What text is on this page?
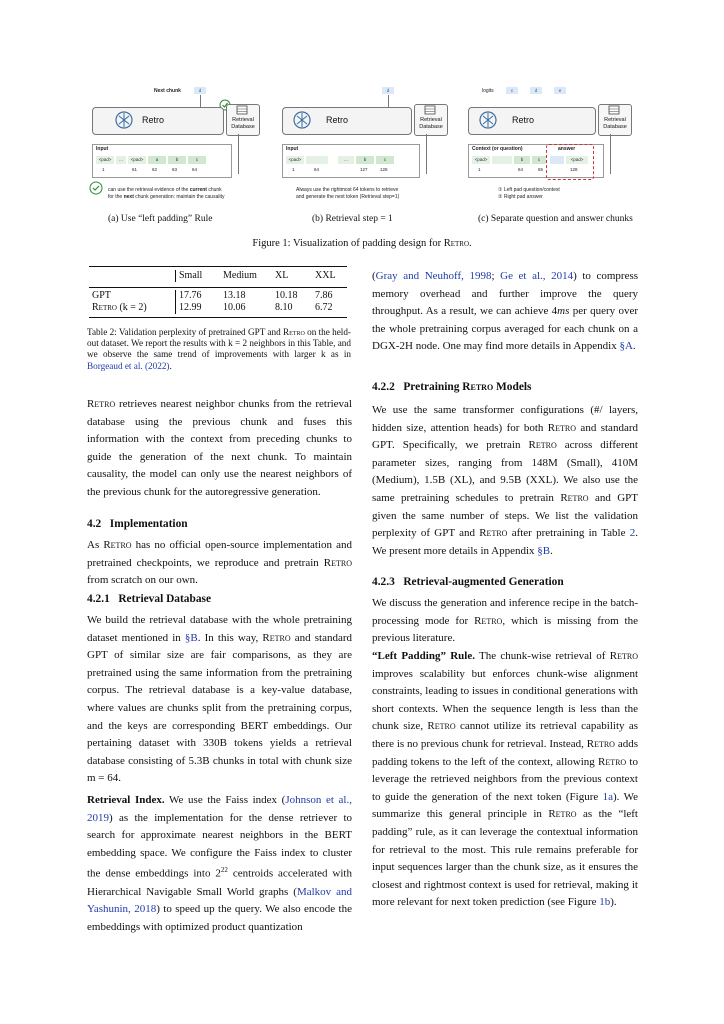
Next chunk	d
Retro	Retrieval
Database
Input
<pad>	...	<pad>	a	b	c
1	61	62	63	64
can use the retrieval evidence of the current chunk
for the next chunk generation: maintain the causality
d
Retro	Retrieval
Database
Input
<pad>	...	b	c
1	64	127	128
Always use the rightmost 64 tokens to retrieve
and generate the next token (Retrieval step=1)
logits	c	d	e
Retro	Retrieval
Database
Context (or question)	answer
<pad>	b	c	<pad>
1	64	65	128
① Left pad question/context
② Right pad answer
(a) Use “left padding” Rule	(b) Retrieval step = 1	(c) Separate question and answer chunks
Figure 1: Visualization of padding design for Retro.
	Small	Medium	XL	XXL
GPT	17.76	13.18	10.18	7.86
Retro (k = 2)	12.99	10.06	8.10	6.72
Table 2: Validation perplexity of pretrained GPT and Retro on the held-out dataset. We report the results with k = 2 neighbors in this Table, and we observe the same trend of improvements with larger k as in Borgeaud et al. (2022).
Retro retrieves nearest neighbor chunks from the retrieval database using the previous chunk and fuses this information with the context from preceding chunks to guide the generation of the next chunk. To maintain causality, the model can only use the nearest neighbors of the previous chunk for the autoregressive generation.
4.2   Implementation
As Retro has no official open-source implementation and pretrained checkpoints, we reproduce and pretrain Retro from scratch on our own.
4.2.1   Retrieval Database
We build the retrieval database with the whole pretraining dataset mentioned in §B. In this way, Retro and standard GPT of similar size are fair comparisons, as they are pretrained using the same information from the pretraining corpus. The retrieval database is a key-value database, where values are chunks split from the pretraining corpus, and the keys are corresponding BERT embeddings. Our pertaining dataset with 330B tokens yields a retrieval database consisting of 5.3B chunks in total with chunk size m = 64.
Retrieval Index. We use the Faiss index (Johnson et al., 2019) as the implementation for the dense retriever to search for approximate nearest neighbors in the BERT embedding space. We configure the Faiss index to cluster the dense embeddings into $2^{22}$ centroids accelerated with Hierarchical Navigable Small World graphs (Malkov and Yashunin, 2018) to speed up the query. We also encode the embeddings with optimized product quantization
(Gray and Neuhoff, 1998; Ge et al., 2014) to compress memory overhead and further improve the query throughput. As a result, we can achieve 4ms per query over the whole pretraining corpus averaged for each chunk on a DGX-2H node. One may find more details in Appendix §A.
4.2.2   Pretraining Retro Models
We use the same transformer configurations (#/ layers, hidden size, attention heads) for both Retro and standard GPT. Specifically, we pretrain Retro across different parameter sizes, ranging from 148M (Small), 410M (Medium), 1.5B (XL), and 9.5B (XXL). We also use the same pretraining schedules to pretrain Retro and GPT given the same number of steps. We list the validation perplexity of GPT and Retro after pretraining in Table 2. We present more details in Appendix §B.
4.2.3   Retrieval-augmented Generation
We discuss the generation and inference recipe in the batch-processing mode for Retro, which is missing from the previous literature.
“Left Padding” Rule. The chunk-wise retrieval of Retro improves scalability but enforces chunk-wise alignment constraints, leading to issues in conditional generations with short contexts. When the sequence length is less than the chunk size, Retro cannot utilize its retrieval capability as there is no previous chunk for retrieval. Instead, Retro adds padding tokens to the left of the context, allowing Retro to leverage the retrieved neighbors from the previous context to guide the generation of the next token (Figure 1a). We summarize this general principle in Retro as the “left padding” rule, as it can leverage the contextual information for retrieval to the most. This rule remains preferable for input sequences larger than the chunk size, as it ensures the closest and rightmost context is used for retrieval, making it more relevant for next token prediction (see Figure 1b).
